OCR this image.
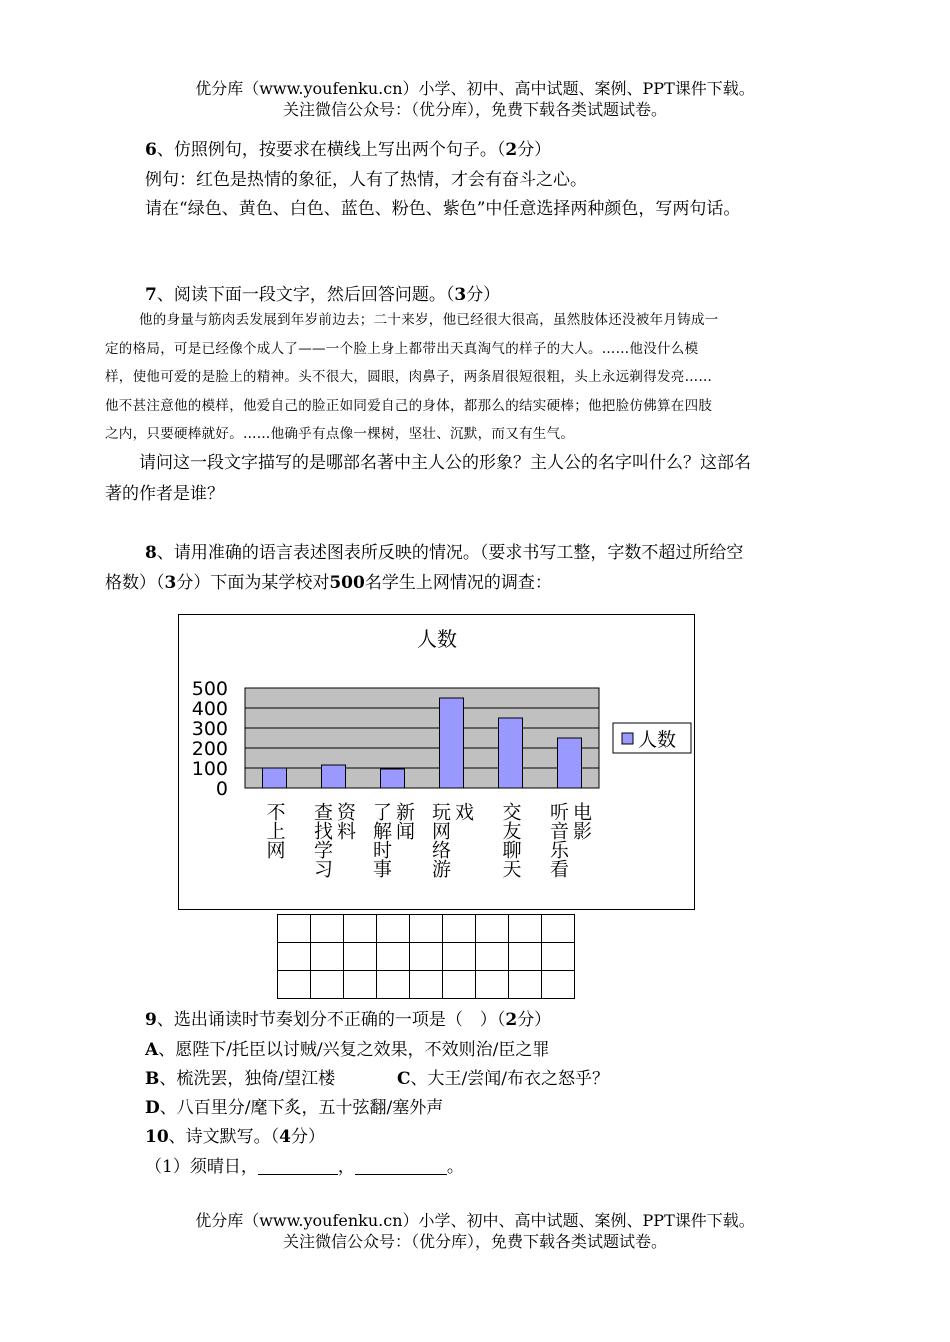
优分库（www.youfenku.cn）小学、初中、高中试题、案例、PPT课件下载。
关注微信公众号：（优分库），免费下载各类试题试卷。
6、仿照例句，按要求在横线上写出两个句子。（2分）
例句：红色是热情的象征，人有了热情，才会有奋斗之心。
请在“绿色、黄色、白色、蓝色、粉色、紫色”中任意选择两种颜色，写两句话。
7、阅读下面一段文字，然后回答问题。（3分）
他的身量与筋肉丢发展到年岁前边去；二十来岁，他已经很大很高，虽然肢体还没被年月铸成一
定的格局，可是已经像个成人了——一个脸上身上都带出天真淘气的样子的大人。……他没什么模
样，使他可爱的是脸上的精神。头不很大，圆眼，肉鼻子，两条眉很短很粗，头上永远剃得发亮……
他不甚注意他的模样，他爱自己的脸正如同爱自己的身体，都那么的结实硬棒；他把脸仿佛算在四肢
之内，只要硬棒就好。……他确乎有点像一棵树，坚壮、沉默，而又有生气。
　　请问这一段文字描写的是哪部名著中主人公的形象？主人公的名字叫什么？这部名
著的作者是谁？
8、请用准确的语言表述图表所反映的情况。（要求书写工整，字数不超过所给空
格数）（3分）下面为某学校对500名学生上网情况的调查：
人数
0
100
200
300
400
500
不上网 查找学习 资料 了解时事 新闻 玩网络游 戏 交友聊天 听音乐看 电影
人数

9、选出诵读时节奏划分不正确的一项是（　）（2分）
A、愿陛下/托臣以讨贼/兴复之效果，不效则治/臣之罪
B、梳洗罢，独倚/望江楼	C、大王/尝闻/布衣之怒乎？
D、八百里分/麾下炙，五十弦翻/塞外声
10、诗文默写。（4分）
（1）须晴日，	，	。
优分库（www.youfenku.cn）小学、初中、高中试题、案例、PPT课件下载。
关注微信公众号：（优分库），免费下载各类试题试卷。
